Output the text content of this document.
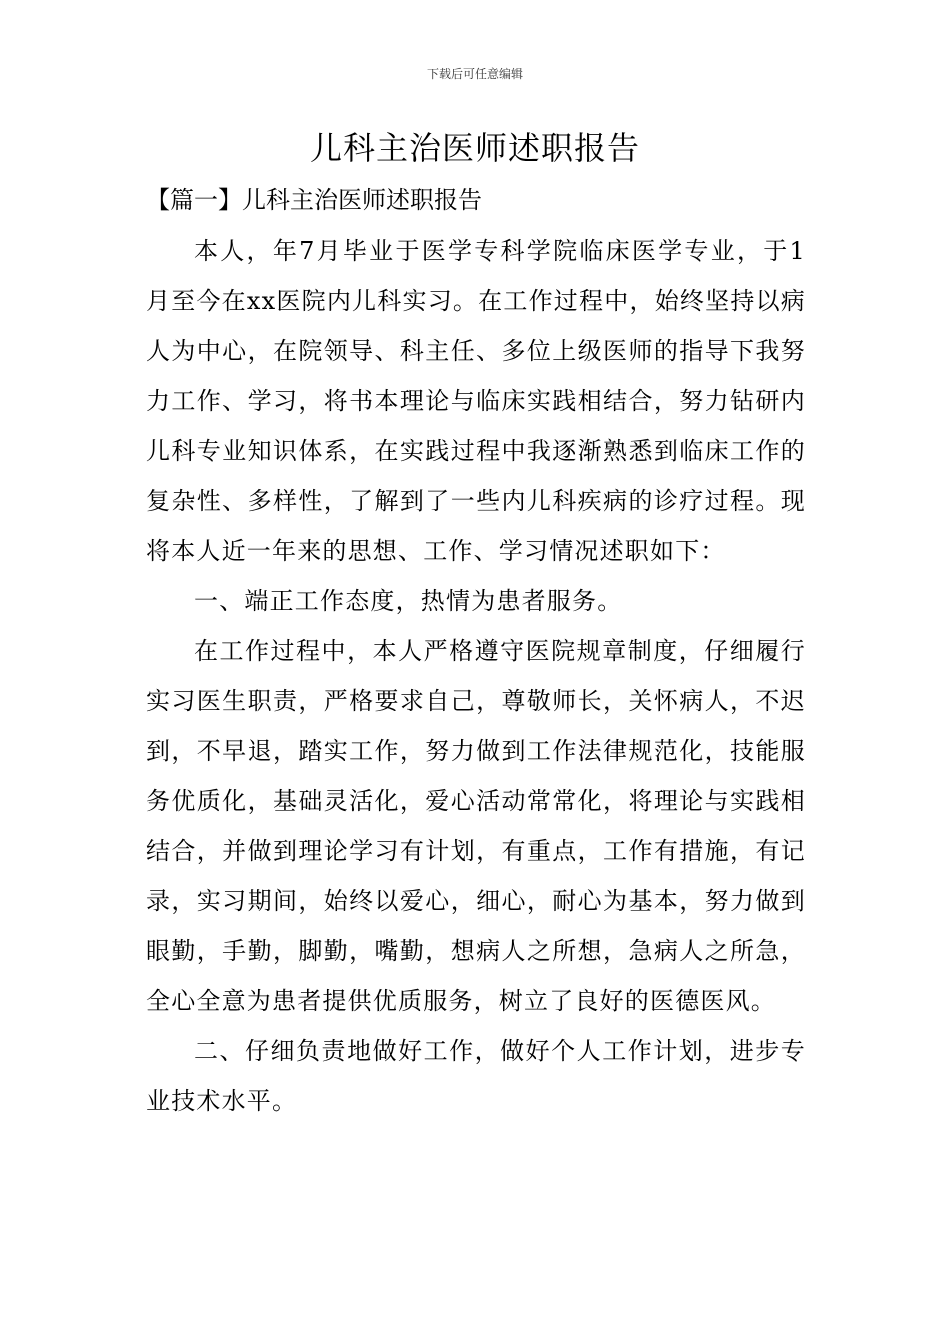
下载后可任意编辑
儿科主治医师述职报告
【篇一】儿科主治医师述职报告

本人，年7月毕业于医学专科学院临床医学专业，于1月至今在xx医院内儿科实习。在工作过程中，始终坚持以病人为中心，在院领导、科主任、多位上级医师的指导下我努力工作、学习，将书本理论与临床实践相结合，努力钻研内儿科专业知识体系，在实践过程中我逐渐熟悉到临床工作的复杂性、多样性，了解到了一些内儿科疾病的诊疗过程。现将本人近一年来的思想、工作、学习情况述职如下：

一、端正工作态度，热情为患者服务。

在工作过程中，本人严格遵守医院规章制度，仔细履行实习医生职责，严格要求自己，尊敬师长，关怀病人，不迟到，不早退，踏实工作，努力做到工作法律规范化，技能服务优质化，基础灵活化，爱心活动常常化，将理论与实践相结合，并做到理论学习有计划，有重点，工作有措施，有记录，实习期间，始终以爱心，细心，耐心为基本，努力做到眼勤，手勤，脚勤，嘴勤，想病人之所想，急病人之所急，全心全意为患者提供优质服务，树立了良好的医德医风。

二、仔细负责地做好工作，做好个人工作计划，进步专业技术水平。
